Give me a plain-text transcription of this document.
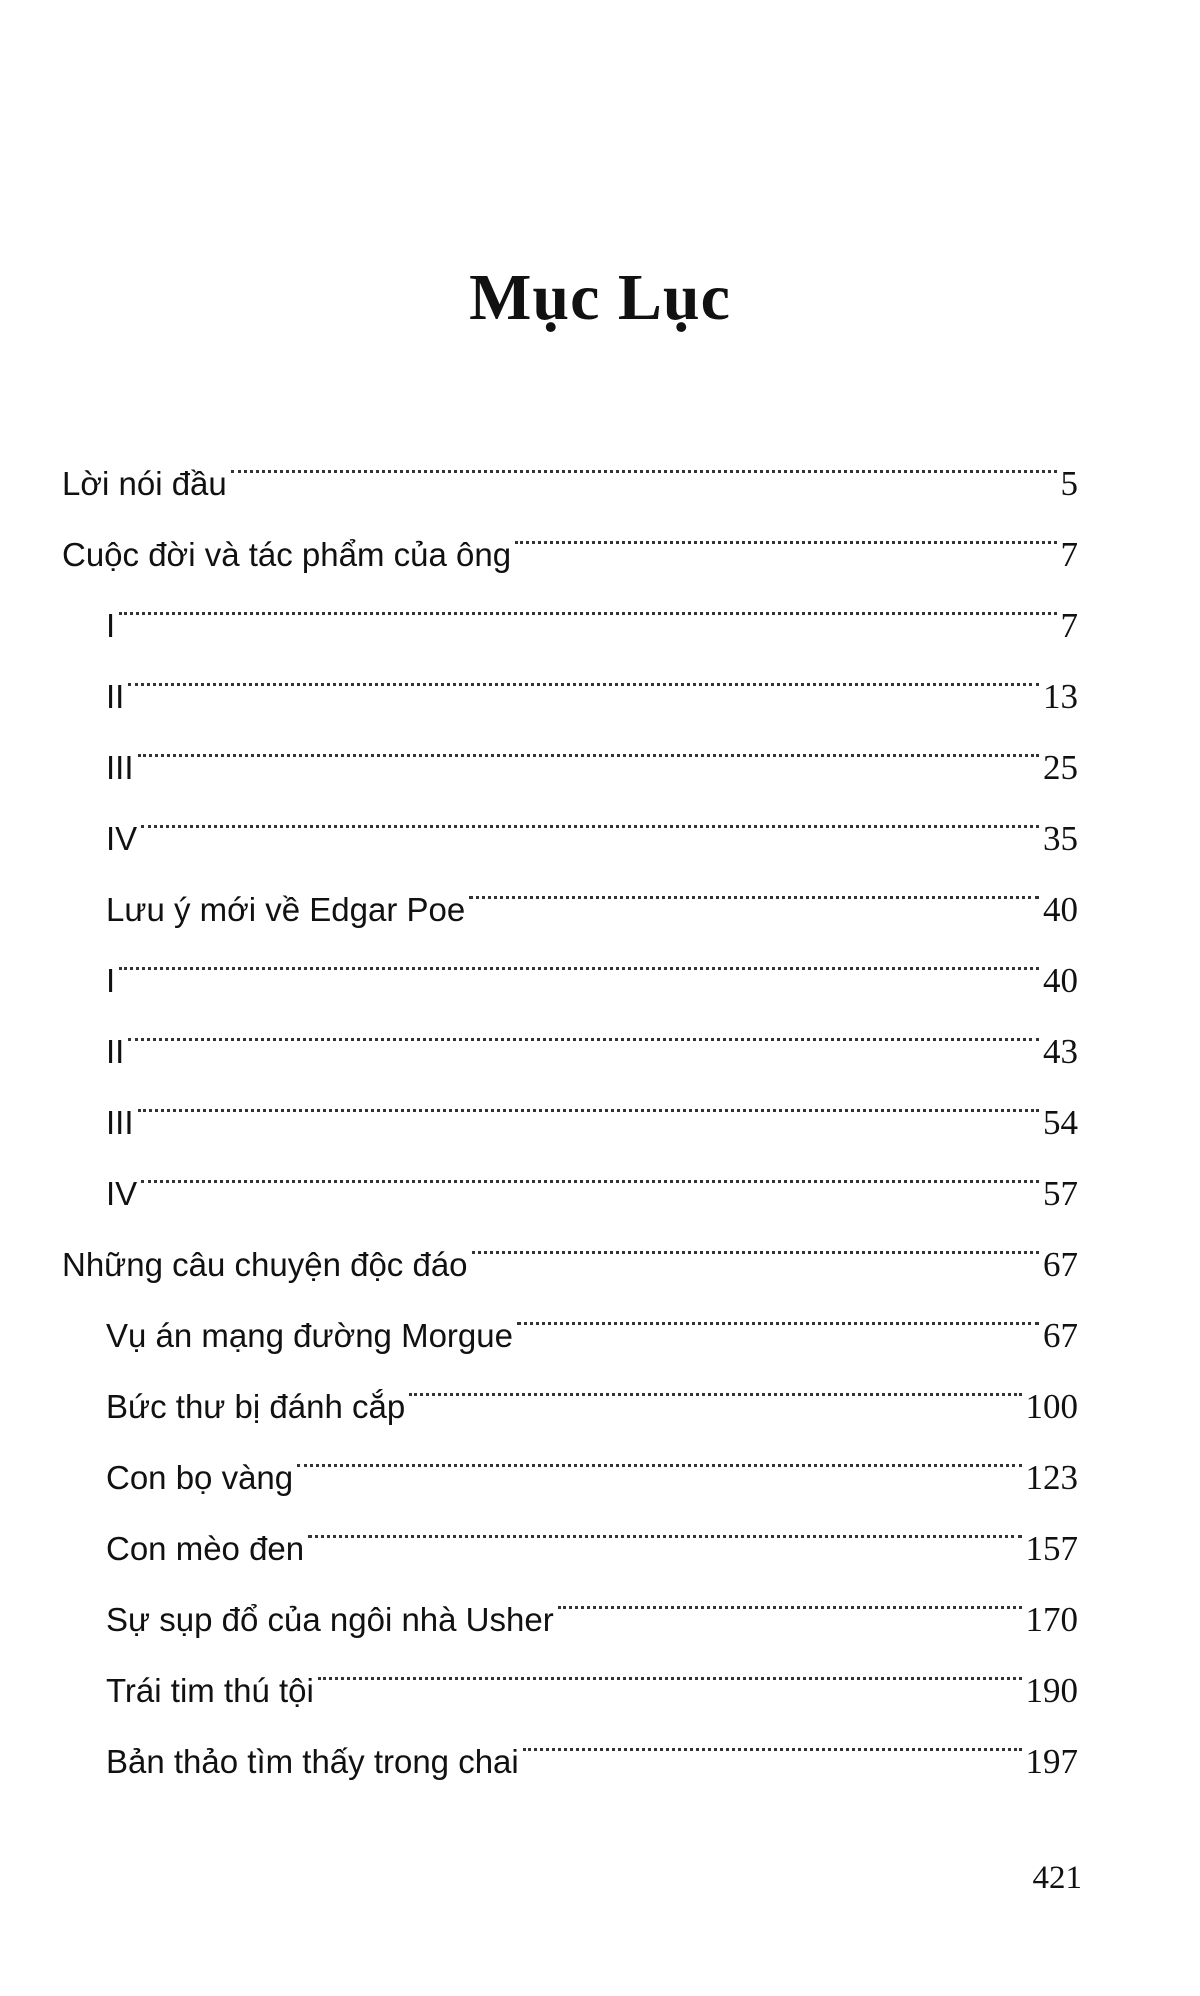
Mục Lục
Lời nói đầu	5
Cuộc đời và tác phẩm của ông	7
I	7
II	13
III	25
IV	35
Lưu ý mới về Edgar Poe	40
I	40
II	43
III	54
IV	57
Những câu chuyện độc đáo	67
Vụ án mạng đường Morgue	67
Bức thư bị đánh cắp	100
Con bọ vàng	123
Con mèo đen	157
Sự sụp đổ của ngôi nhà Usher	170
Trái tim thú tội	190
Bản thảo tìm thấy trong chai	197
421
